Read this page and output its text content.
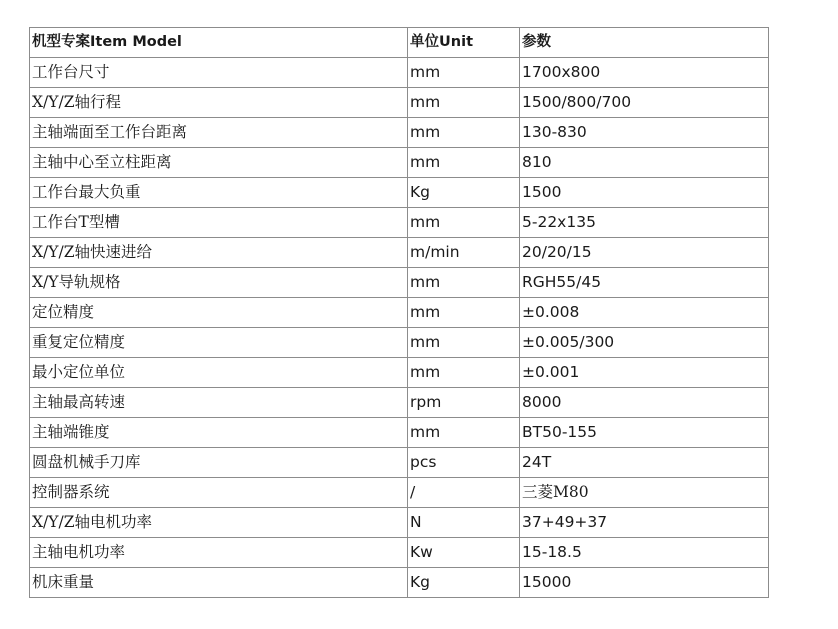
机型专案Item Model	单位Unit	参数
工作台尺寸	mm	1700x800
X/Y/Z轴行程	mm	1500/800/700
主轴端面至工作台距离	mm	130-830
主轴中心至立柱距离	mm	810
工作台最大负重	Kg	1500
工作台T型槽	mm	5-22x135
X/Y/Z轴快速进给	m/min	20/20/15
X/Y导轨规格	mm	RGH55/45
定位精度	mm	±0.008
重复定位精度	mm	±0.005/300
最小定位单位	mm	±0.001
主轴最高转速	rpm	8000
主轴端锥度	mm	BT50-155
圆盘机械手刀库	pcs	24T
控制器系统	/	三菱M80
X/Y/Z轴电机功率	N	37+49+37
主轴电机功率	Kw	15-18.5
机床重量	Kg	15000
